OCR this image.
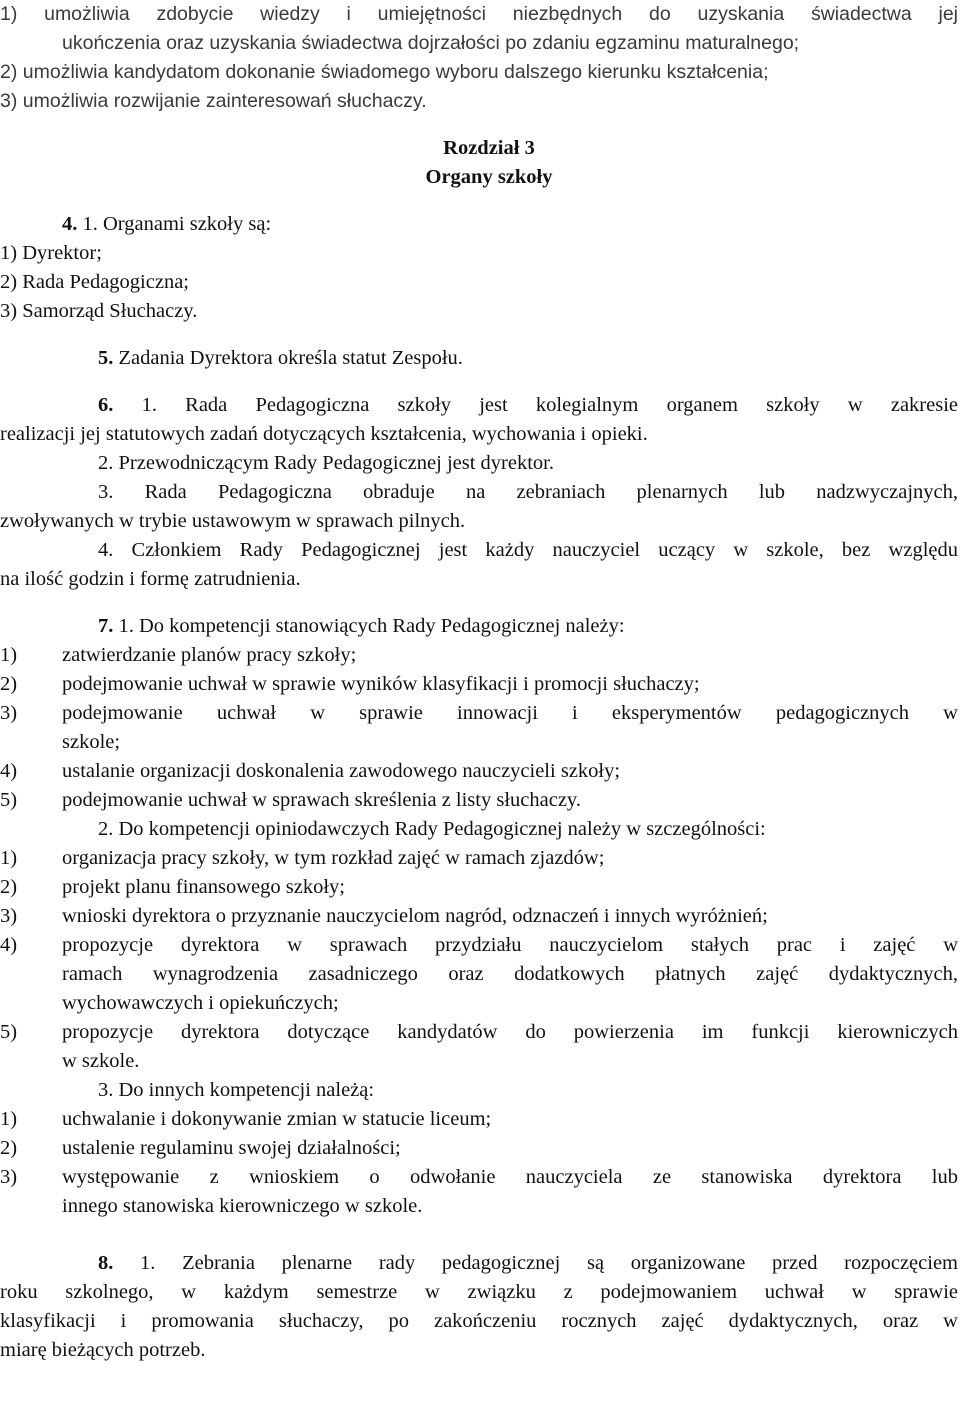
1) umożliwia zdobycie wiedzy i umiejętności niezbędnych do uzyskania świadectwa jej
ukończenia oraz uzyskania świadectwa dojrzałości po zdaniu egzaminu maturalnego;
2) umożliwia kandydatom dokonanie świadomego wyboru dalszego kierunku kształcenia;
3) umożliwia rozwijanie zainteresowań słuchaczy.
Rozdział 3
Organy szkoły
4. 1. Organami szkoły są:
1) Dyrektor;
2) Rada Pedagogiczna;
3) Samorząd Słuchaczy.
5. Zadania Dyrektora określa statut Zespołu.
6. 1. Rada Pedagogiczna szkoły jest kolegialnym organem szkoły w zakresie
realizacji jej statutowych zadań dotyczących kształcenia, wychowania i opieki.
2. Przewodniczącym Rady Pedagogicznej jest dyrektor.
3. Rada Pedagogiczna obraduje na zebraniach plenarnych lub nadzwyczajnych,
zwoływanych w trybie ustawowym w sprawach pilnych.
4. Członkiem Rady Pedagogicznej jest każdy nauczyciel uczący w szkole, bez względu
na ilość godzin i formę zatrudnienia.
7. 1. Do kompetencji stanowiących Rady Pedagogicznej należy:
1) zatwierdzanie planów pracy szkoły;
2) podejmowanie uchwał w sprawie wyników klasyfikacji i promocji słuchaczy;
3) podejmowanie uchwał w sprawie innowacji i eksperymentów pedagogicznych w
szkole;
4) ustalanie organizacji doskonalenia zawodowego nauczycieli szkoły;
5) podejmowanie uchwał w sprawach skreślenia z listy słuchaczy.
2. Do kompetencji opiniodawczych Rady Pedagogicznej należy w szczególności:
1) organizacja pracy szkoły, w tym rozkład zajęć w ramach zjazdów;
2) projekt planu finansowego szkoły;
3) wnioski dyrektora o przyznanie nauczycielom nagród, odznaczeń i innych wyróżnień;
4) propozycje dyrektora w sprawach przydziału nauczycielom stałych prac i zajęć w
ramach wynagrodzenia zasadniczego oraz dodatkowych płatnych zajęć dydaktycznych,
wychowawczych i opiekuńczych;
5) propozycje dyrektora dotyczące kandydatów do powierzenia im funkcji kierowniczych
w szkole.
3. Do innych kompetencji należą:
1) uchwalanie i dokonywanie zmian w statucie liceum;
2) ustalenie regulaminu swojej działalności;
3) występowanie z wnioskiem o odwołanie nauczyciela ze stanowiska dyrektora lub
innego stanowiska kierowniczego w szkole.
8. 1. Zebrania plenarne rady pedagogicznej są organizowane przed rozpoczęciem
roku szkolnego, w każdym semestrze w związku z podejmowaniem uchwał w sprawie
klasyfikacji i promowania słuchaczy, po zakończeniu rocznych zajęć dydaktycznych, oraz w
miarę bieżących potrzeb.
